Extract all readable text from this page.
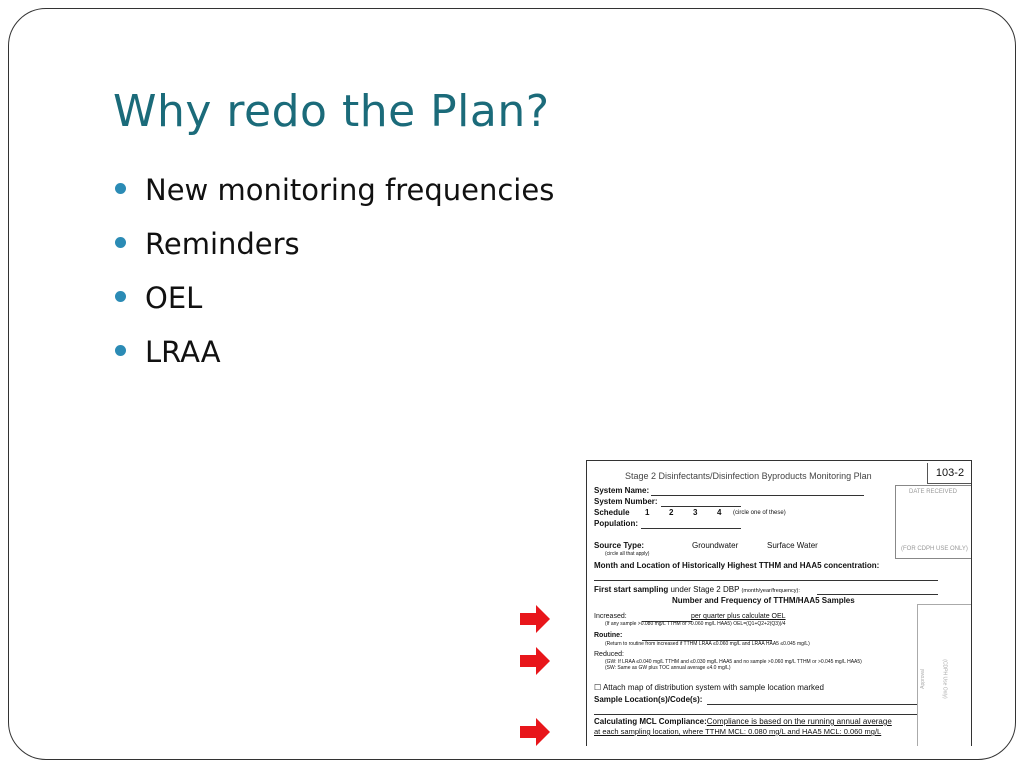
Why redo the Plan?
New monitoring frequencies
Reminders
OEL
LRAA
103-2
Stage 2 Disinfectants/Disinfection Byproducts Monitoring Plan
DATE RECEIVED
(FOR CDPH USE ONLY)
System Name:
System Number:
Schedule 1 2 3 4 (circle one of these)
Population:
Source Type:
(circle all that apply)
Groundwater	Surface Water
Month and Location of Historically Highest TTHM and HAA5 concentration:
First start sampling under Stage 2 DBP (month/year/frequency):
Number and Frequency of TTHM/HAA5 Samples
Approval	(CDPH Use Only)
Increased:	per quarter plus calculate OEL
(If any sample >0.080 mg/L TTHM or >0.060 mg/L HAA5) OEL=(Q1+Q2+2(Q3))/4
Routine:
(Return to routine from increased if TTHM LRAA ≤0.060 mg/L and LRAA HAA5 ≤0.045 mg/L)
Reduced:
(GW: If LRAA ≤0.040 mg/L TTHM and ≤0.030 mg/L HAA5 and no sample >0.060 mg/L TTHM or >0.045 mg/L HAA5)
(SW: Same as GW plus TOC annual average ≤4.0 mg/L)
☐ Attach map of distribution system with sample location marked
Sample Location(s)/Code(s):
Calculating MCL Compliance:Compliance is based on the running annual average
at each sampling location, where TTHM MCL: 0.080 mg/L and HAA5 MCL: 0.060 mg/L
